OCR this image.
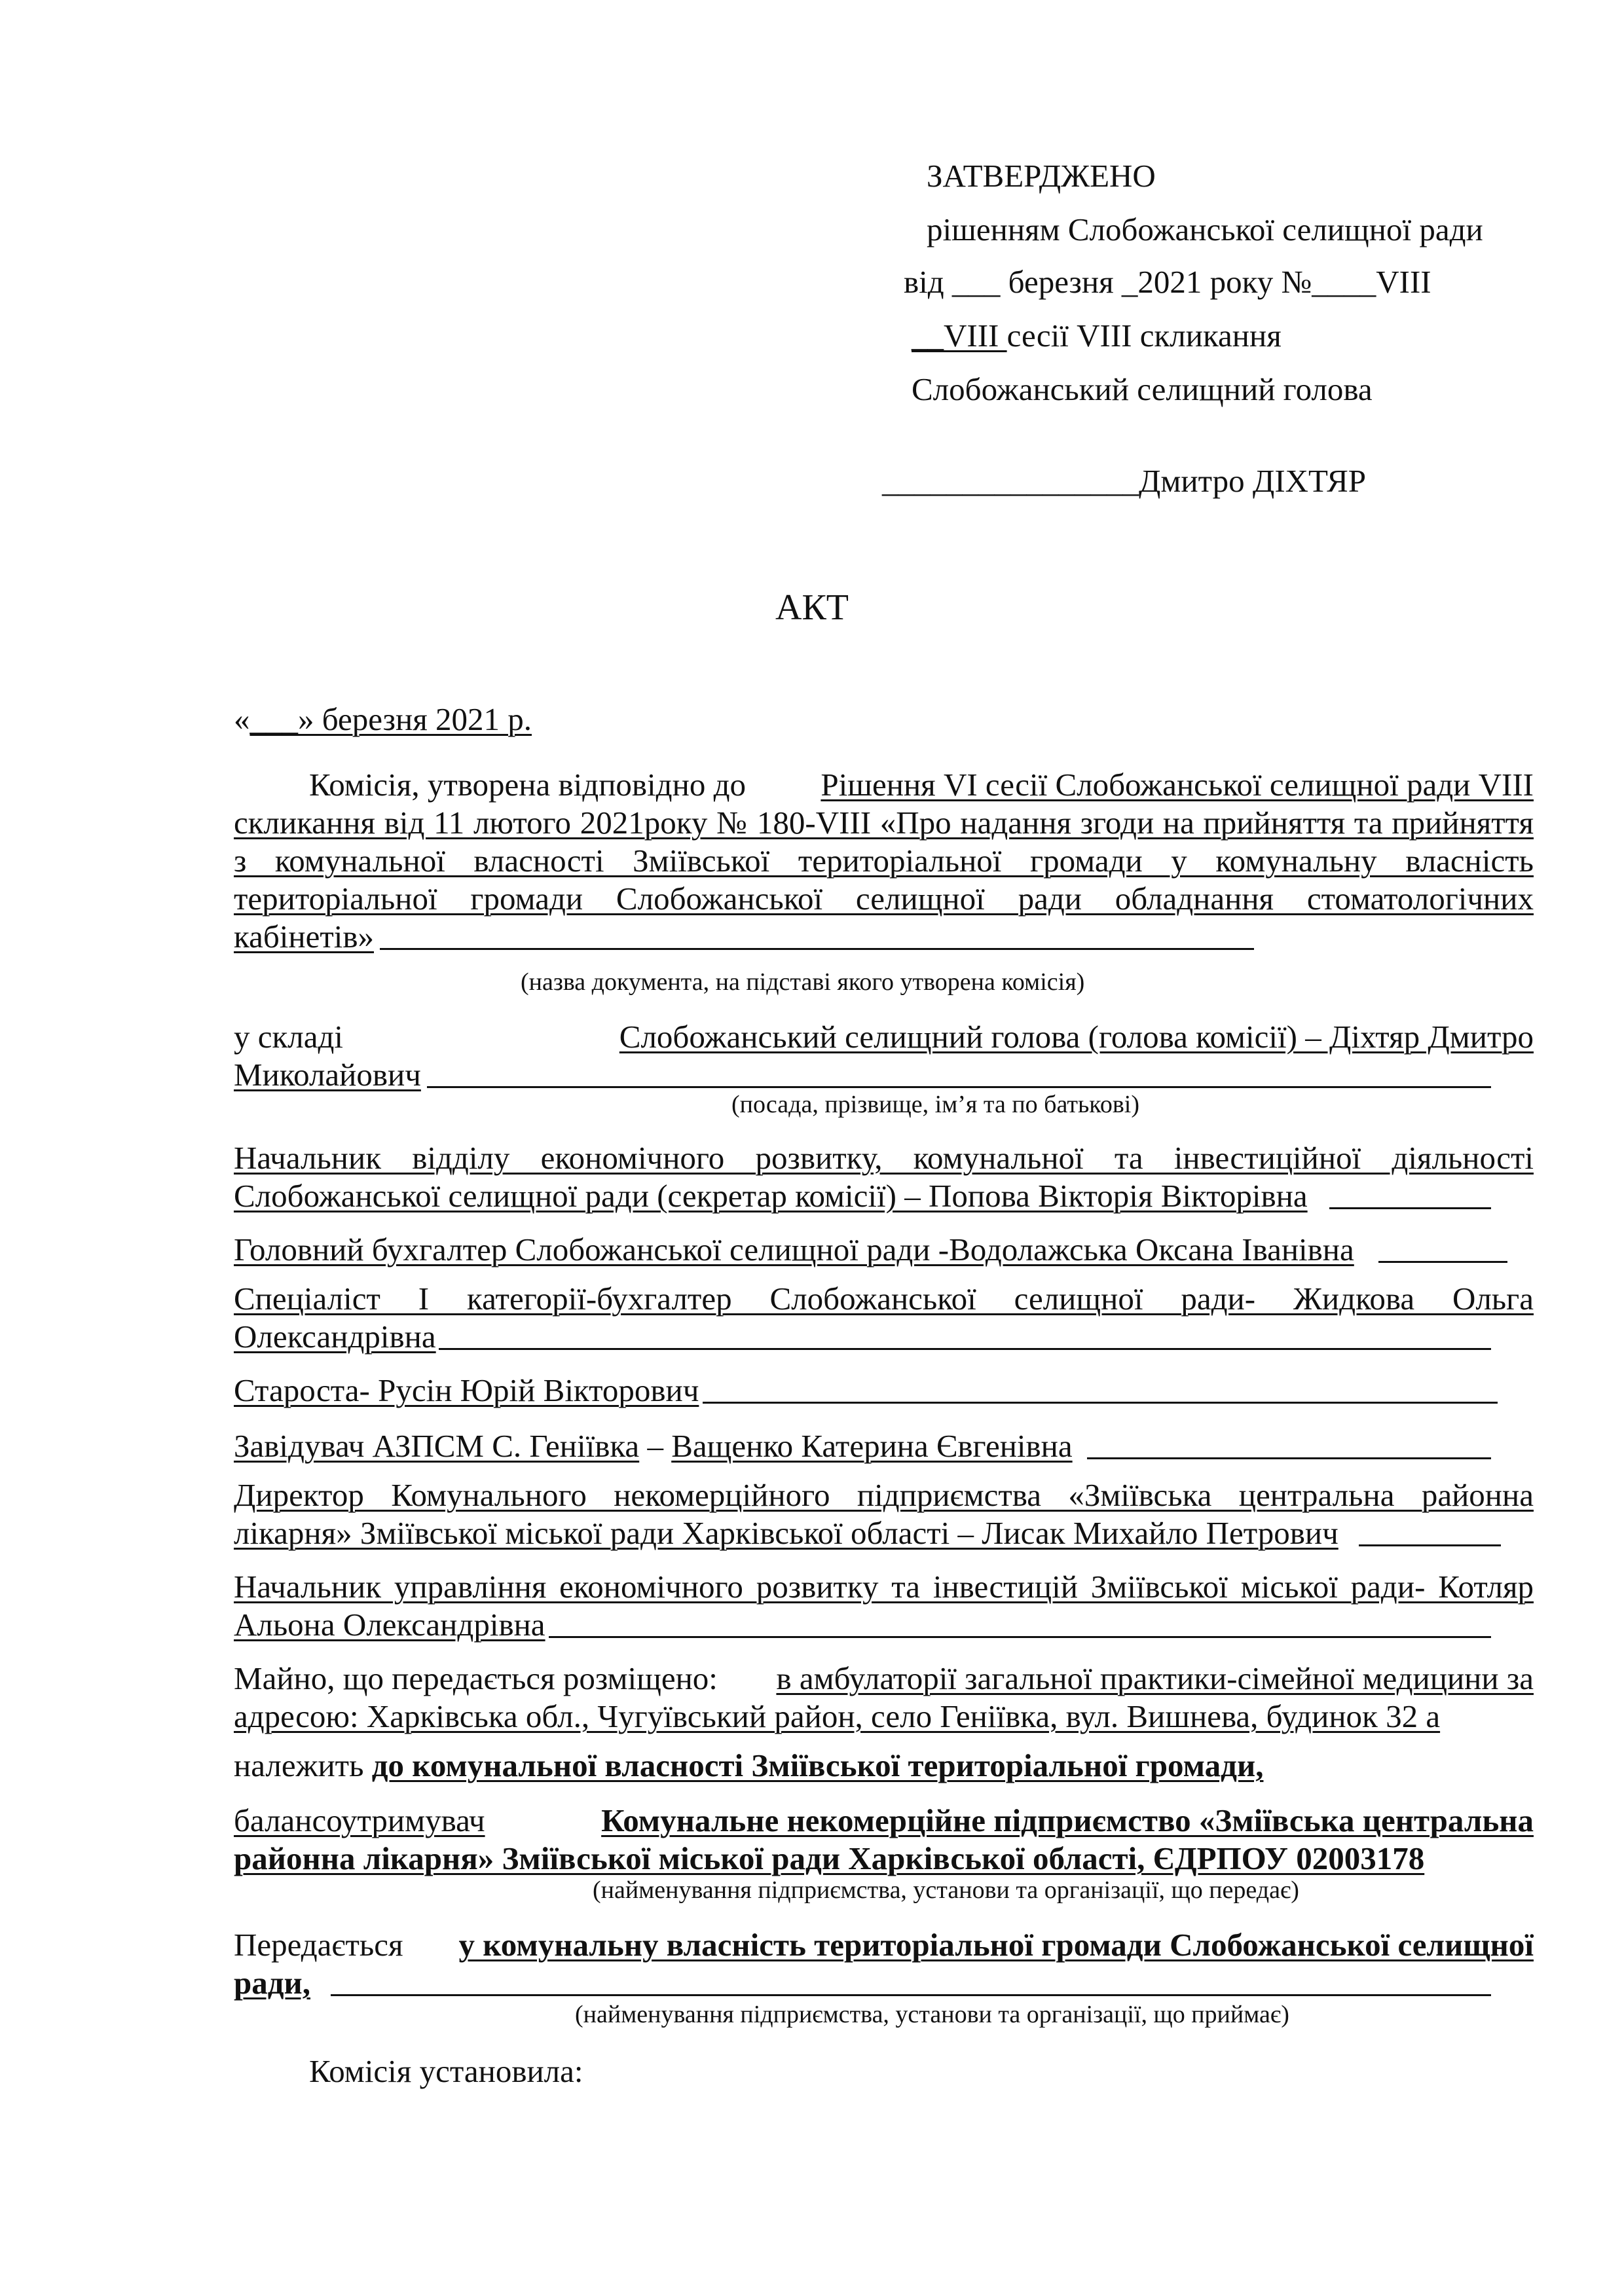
ЗАТВЕРДЖЕНО
рішенням Слобожанської селищної ради
від ___ березня _2021 року №____VIII
__VIII сесії VIII скликання
Слобожанський селищний голова
________________Дмитро ДІХТЯР
АКТ
«___» березня 2021 р.
Комісія, утворена відповідно до Рішення VI сесії Слобожанської селищної ради VIII
скликання від 11 лютого 2021року № 180-VIII «Про надання згоди на прийняття та прийняття
з комунальної власності Зміївської територіальної громади у комунальну власність
територіальної громади Слобожанської селищної ради обладнання стоматологічних
кабінетів»
(назва документа, на підставі якого утворена комісія)
у складі	Слобожанський селищний голова (голова комісії) – Діхтяр Дмитро
Миколайович
(посада, прізвище, ім’я та по батькові)
Начальник відділу економічного розвитку, комунальної та інвестиційної діяльності
Слобожанської селищної ради (секретар комісії) – Попова Вікторія Вікторівна
Головний бухгалтер Слобожанської селищної ради -Водолажська Оксана Іванівна
Спеціаліст І категорії-бухгалтер Слобожанської селищної ради- Жидкова Ольга
Олександрівна
Староста- Русін Юрій Вікторович
Завідувач АЗПСМ С. Геніївка – Ващенко Катерина Євгенівна
Директор Комунального некомерційного підприємства «Зміївська центральна районна
лікарня» Зміївської міської ради Харківської області – Лисак Михайло Петрович
Начальник управління економічного розвитку та інвестицій Зміївської міської ради- Котляр
Альона Олександрівна
Майно, що передається розміщено: в амбулаторії загальної практики-сімейної медицини за
адресою: Харківська обл., Чугуївський район, село Геніївка, вул. Вишнева, будинок 32 а
належить до комунальної власності Зміївської територіальної громади,
балансоутримувач	Комунальне некомерційне підприємство «Зміївська центральна
районна лікарня» Зміївської міської ради Харківської області, ЄДРПОУ 02003178
(найменування підприємства, установи та організації, що передає)
Передається у комунальну власність територіальної громади Слобожанської селищної
ради,
(найменування підприємства, установи та організації, що приймає)
Комісія установила:
